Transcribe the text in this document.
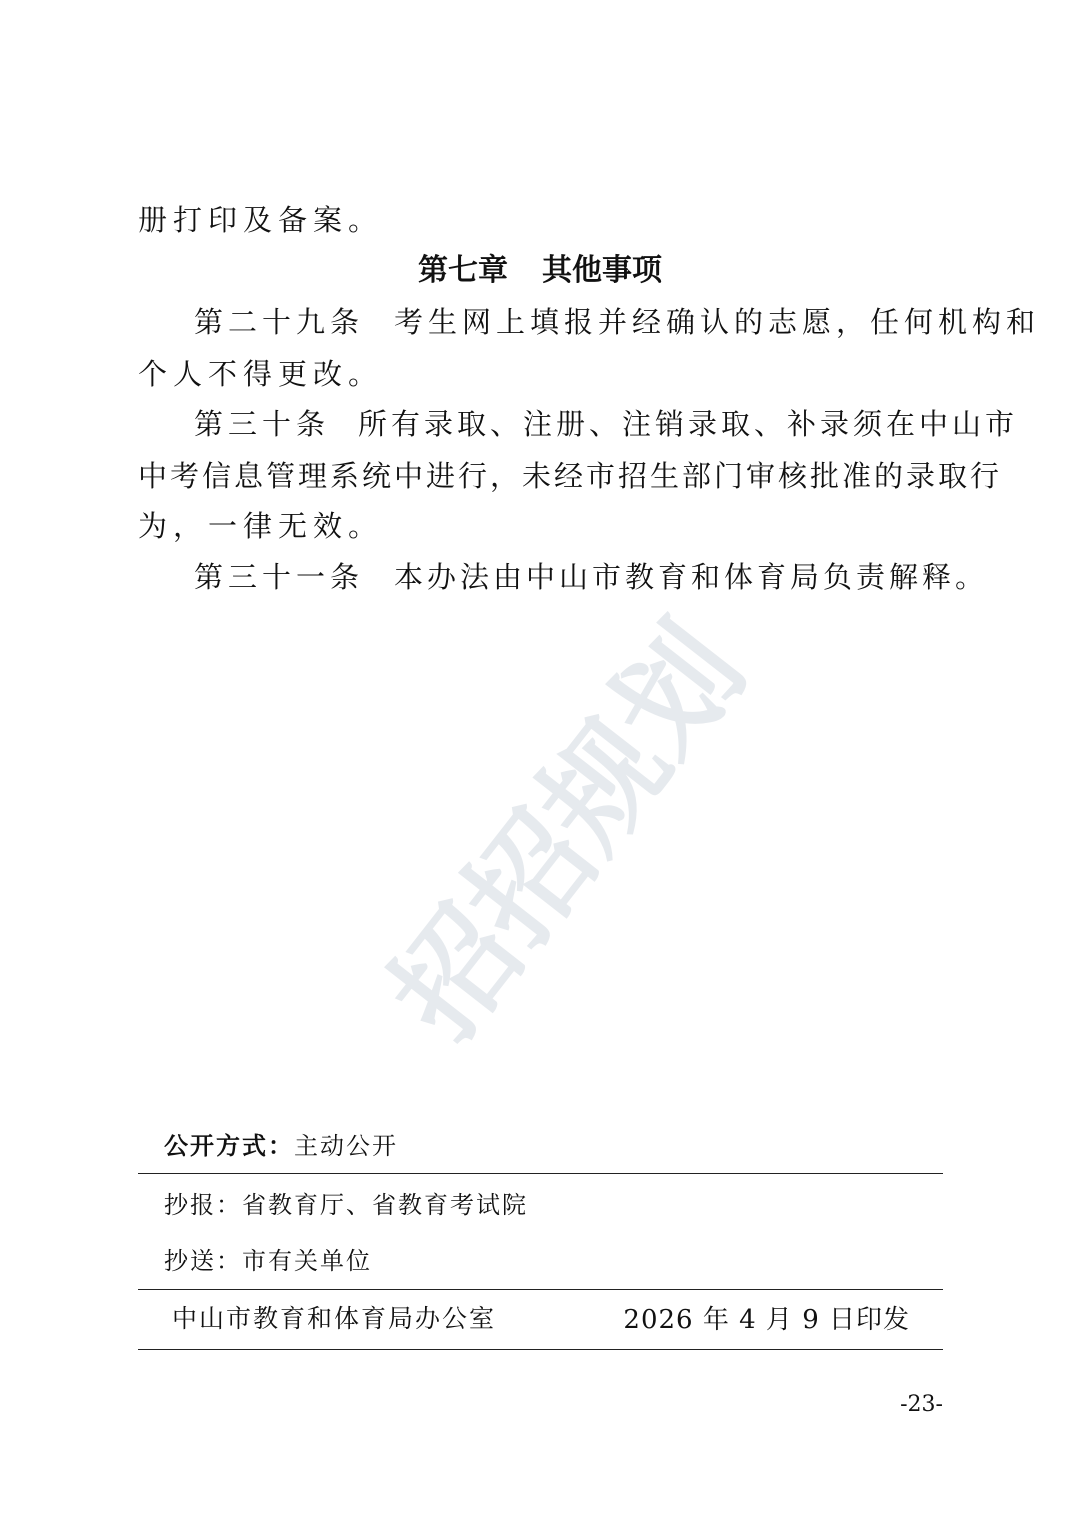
册打印及备案。
第七章 其他事项
第二十九条 考生网上填报并经确认的志愿，任何机构和
个人不得更改。
第三十条 所有录取、注册、注销录取、补录须在中山市
中考信息管理系统中进行，未经市招生部门审核批准的录取行
为，一律无效。
第三十一条 本办法由中山市教育和体育局负责解释。
招招规划
公开方式：主动公开
抄报：省教育厅、省教育考试院
抄送：市有关单位
中山市教育和体育局办公室	2026 年 4 月 9 日印发
-23-
